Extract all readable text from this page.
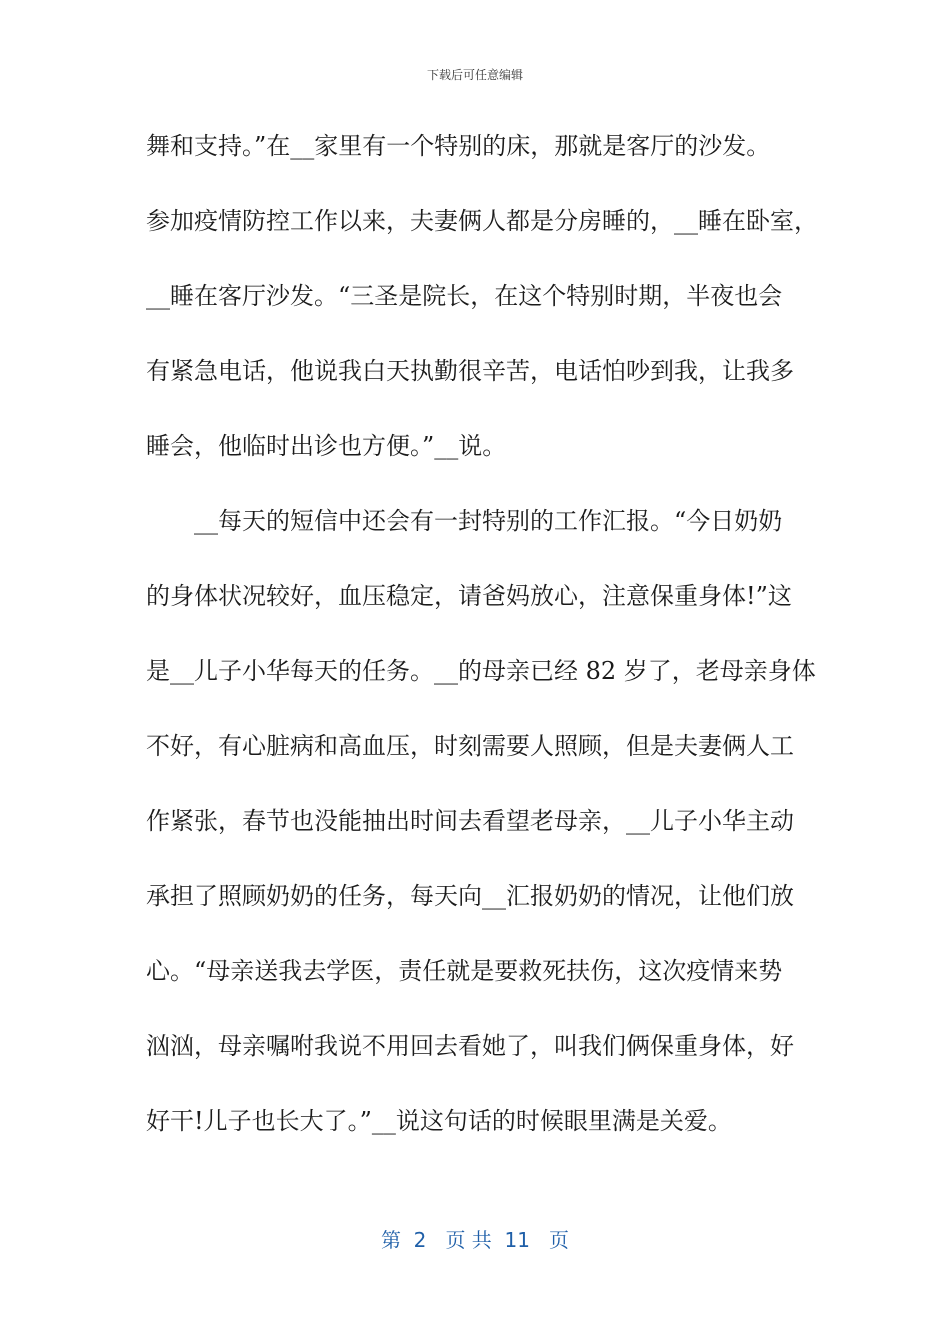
下载后可任意编辑
舞和支持。”在__家里有一个特别的床，那就是客厅的沙发。
参加疫情防控工作以来，夫妻俩人都是分房睡的，__睡在卧室，
__睡在客厅沙发。“三圣是院长，在这个特别时期，半夜也会
有紧急电话，他说我白天执勤很辛苦，电话怕吵到我，让我多
睡会，他临时出诊也方便。”__说。
__每天的短信中还会有一封特别的工作汇报。“今日奶奶
的身体状况较好，血压稳定，请爸妈放心，注意保重身体!”这
是__儿子小华每天的任务。__的母亲已经 82 岁了，老母亲身体
不好，有心脏病和高血压，时刻需要人照顾，但是夫妻俩人工
作紧张，春节也没能抽出时间去看望老母亲，__儿子小华主动
承担了照顾奶奶的任务，每天向__汇报奶奶的情况，让他们放
心。“母亲送我去学医，责任就是要救死扶伤，这次疫情来势
汹汹，母亲嘱咐我说不用回去看她了，叫我们俩保重身体，好
好干!儿子也长大了。”__说这句话的时候眼里满是关爱。
第  2   页 共  11   页
